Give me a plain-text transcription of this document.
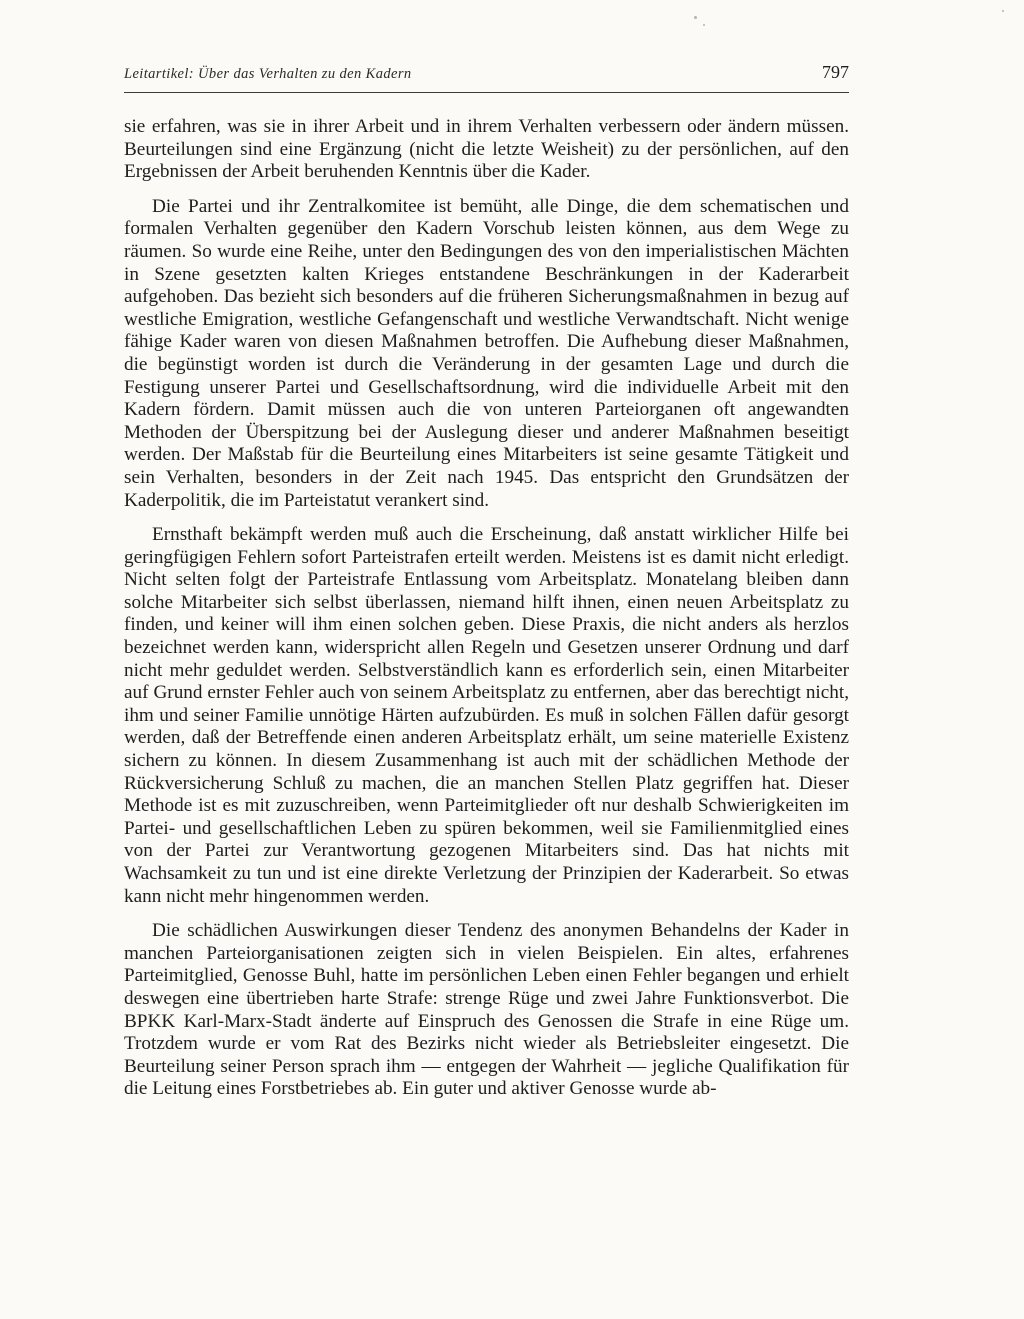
Leitartikel: Über das Verhalten zu den Kadern	797

sie erfahren, was sie in ihrer Arbeit und in ihrem Verhalten verbessern oder ändern müssen. Beurteilungen sind eine Ergänzung (nicht die letzte Weisheit) zu der persönlichen, auf den Ergebnissen der Arbeit beruhenden Kenntnis über die Kader.

Die Partei und ihr Zentralkomitee ist bemüht, alle Dinge, die dem schematischen und formalen Verhalten gegenüber den Kadern Vorschub leisten können, aus dem Wege zu räumen. So wurde eine Reihe, unter den Bedingungen des von den imperialistischen Mächten in Szene gesetzten kalten Krieges entstandene Beschränkungen in der Kaderarbeit aufgehoben. Das bezieht sich besonders auf die früheren Sicherungsmaßnahmen in bezug auf westliche Emigration, westliche Gefangenschaft und westliche Verwandtschaft. Nicht wenige fähige Kader waren von diesen Maßnahmen betroffen. Die Aufhebung dieser Maßnahmen, die begünstigt worden ist durch die Veränderung in der gesamten Lage und durch die Festigung unserer Partei und Gesellschaftsordnung, wird die individuelle Arbeit mit den Kadern fördern. Damit müssen auch die von unteren Parteiorganen oft angewandten Methoden der Überspitzung bei der Auslegung dieser und anderer Maßnahmen beseitigt werden. Der Maßstab für die Beurteilung eines Mitarbeiters ist seine gesamte Tätigkeit und sein Verhalten, besonders in der Zeit nach 1945. Das entspricht den Grundsätzen der Kaderpolitik, die im Parteistatut verankert sind.

Ernsthaft bekämpft werden muß auch die Erscheinung, daß anstatt wirklicher Hilfe bei geringfügigen Fehlern sofort Parteistrafen erteilt werden. Meistens ist es damit nicht erledigt. Nicht selten folgt der Parteistrafe Entlassung vom Arbeitsplatz. Monatelang bleiben dann solche Mitarbeiter sich selbst überlassen, niemand hilft ihnen, einen neuen Arbeitsplatz zu finden, und keiner will ihm einen solchen geben. Diese Praxis, die nicht anders als herzlos bezeichnet werden kann, widerspricht allen Regeln und Gesetzen unserer Ordnung und darf nicht mehr geduldet werden. Selbstverständlich kann es erforderlich sein, einen Mitarbeiter auf Grund ernster Fehler auch von seinem Arbeitsplatz zu entfernen, aber das berechtigt nicht, ihm und seiner Familie unnötige Härten aufzubürden. Es muß in solchen Fällen dafür gesorgt werden, daß der Betreffende einen anderen Arbeitsplatz erhält, um seine materielle Existenz sichern zu können. In diesem Zusammenhang ist auch mit der schädlichen Methode der Rückversicherung Schluß zu machen, die an manchen Stellen Platz gegriffen hat. Dieser Methode ist es mit zuzuschreiben, wenn Parteimitglieder oft nur deshalb Schwierigkeiten im Partei- und gesellschaftlichen Leben zu spüren bekommen, weil sie Familienmitglied eines von der Partei zur Verantwortung gezogenen Mitarbeiters sind. Das hat nichts mit Wachsamkeit zu tun und ist eine direkte Verletzung der Prinzipien der Kaderarbeit. So etwas kann nicht mehr hingenommen werden.

Die schädlichen Auswirkungen dieser Tendenz des anonymen Behandelns der Kader in manchen Parteiorganisationen zeigten sich in vielen Beispielen. Ein altes, erfahrenes Parteimitglied, Genosse Buhl, hatte im persönlichen Leben einen Fehler begangen und erhielt deswegen eine übertrieben harte Strafe: strenge Rüge und zwei Jahre Funktionsverbot. Die BPKK Karl-Marx-Stadt änderte auf Einspruch des Genossen die Strafe in eine Rüge um. Trotzdem wurde er vom Rat des Bezirks nicht wieder als Betriebsleiter eingesetzt. Die Beurteilung seiner Person sprach ihm — entgegen der Wahrheit — jegliche Qualifikation für die Leitung eines Forstbetriebes ab. Ein guter und aktiver Genosse wurde ab-
